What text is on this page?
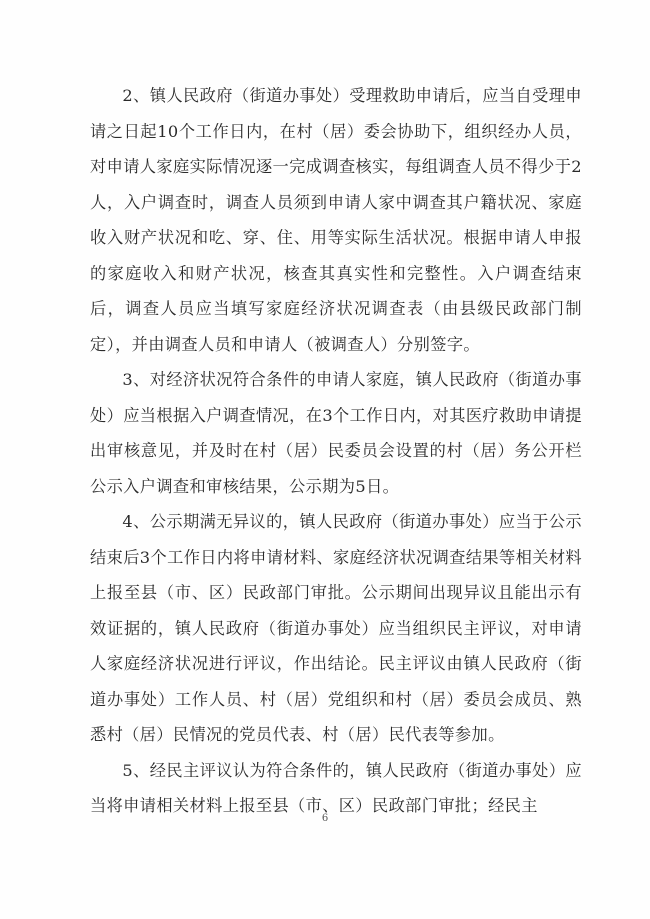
2、镇人民政府（街道办事处）受理救助申请后，应当自受理申请之日起10个工作日内，在村（居）委会协助下，组织经办人员，对申请人家庭实际情况逐一完成调查核实，每组调查人员不得少于2人，入户调查时，调查人员须到申请人家中调查其户籍状况、家庭收入财产状况和吃、穿、住、用等实际生活状况。根据申请人申报的家庭收入和财产状况，核查其真实性和完整性。入户调查结束后，调查人员应当填写家庭经济状况调查表（由县级民政部门制定），并由调查人员和申请人（被调查人）分别签字。

3、对经济状况符合条件的申请人家庭，镇人民政府（街道办事处）应当根据入户调查情况，在3个工作日内，对其医疗救助申请提出审核意见，并及时在村（居）民委员会设置的村（居）务公开栏公示入户调查和审核结果，公示期为5日。

4、公示期满无异议的，镇人民政府（街道办事处）应当于公示结束后3个工作日内将申请材料、家庭经济状况调查结果等相关材料上报至县（市、区）民政部门审批。公示期间出现异议且能出示有效证据的，镇人民政府（街道办事处）应当组织民主评议，对申请人家庭经济状况进行评议，作出结论。民主评议由镇人民政府（街道办事处）工作人员、村（居）党组织和村（居）委员会成员、熟悉村（居）民情况的党员代表、村（居）民代表等参加。

5、经民主评议认为符合条件的，镇人民政府（街道办事处）应当将申请相关材料上报至县（市、区）民政部门审批；经民主

6
